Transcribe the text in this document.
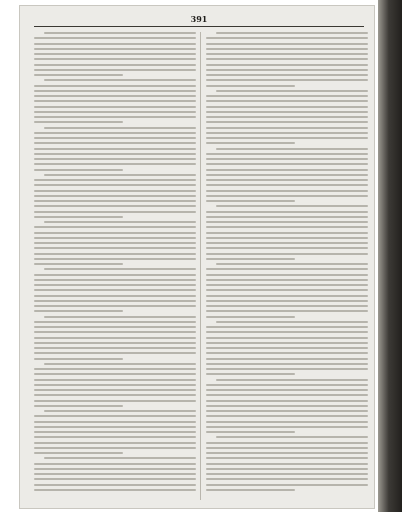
391
